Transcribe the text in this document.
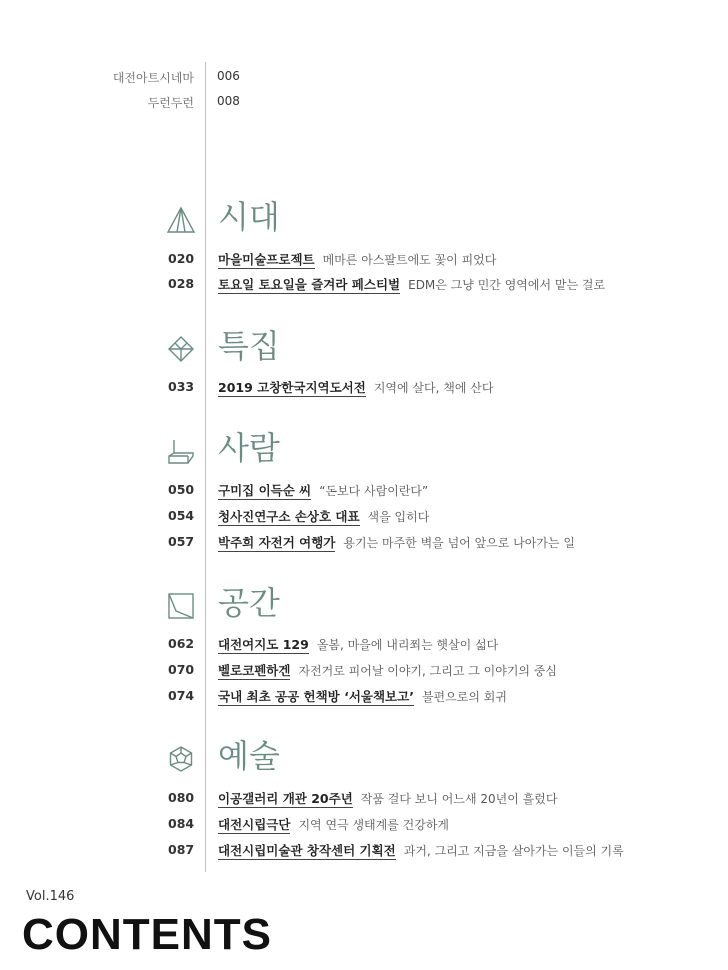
대전아트시네마 006
두런두런 008
시대
020	마을미술프로젝트 메마른 아스팔트에도 꽃이 피었다
028	토요일 토요일을 즐겨라 페스티벌 EDM은 그냥 민간 영역에서 맡는 걸로
특집
033	2019 고창한국지역도서전 지역에 살다, 책에 산다
사람
050	구미집 이득순 씨 “돈보다 사람이란다”
054	청사진연구소 손상호 대표 색을 입히다
057	박주희 자전거 여행가 용기는 마주한 벽을 넘어 앞으로 나아가는 일
공간
062	대전여지도 129 올봄, 마을에 내리쬐는 햇살이 섧다
070	벨로코펜하겐 자전거로 피어날 이야기, 그리고 그 이야기의 중심
074	국내 최초 공공 헌책방 ‘서울책보고’ 불편으로의 회귀
예술
080	이공갤러리 개관 20주년 작품 걸다 보니 어느새 20년이 흘렀다
084	대전시립극단 지역 연극 생태계를 건강하게
087	대전시립미술관 창작센터 기획전 과거, 그리고 지금을 살아가는 이들의 기록
Vol.146
CONTENTS
